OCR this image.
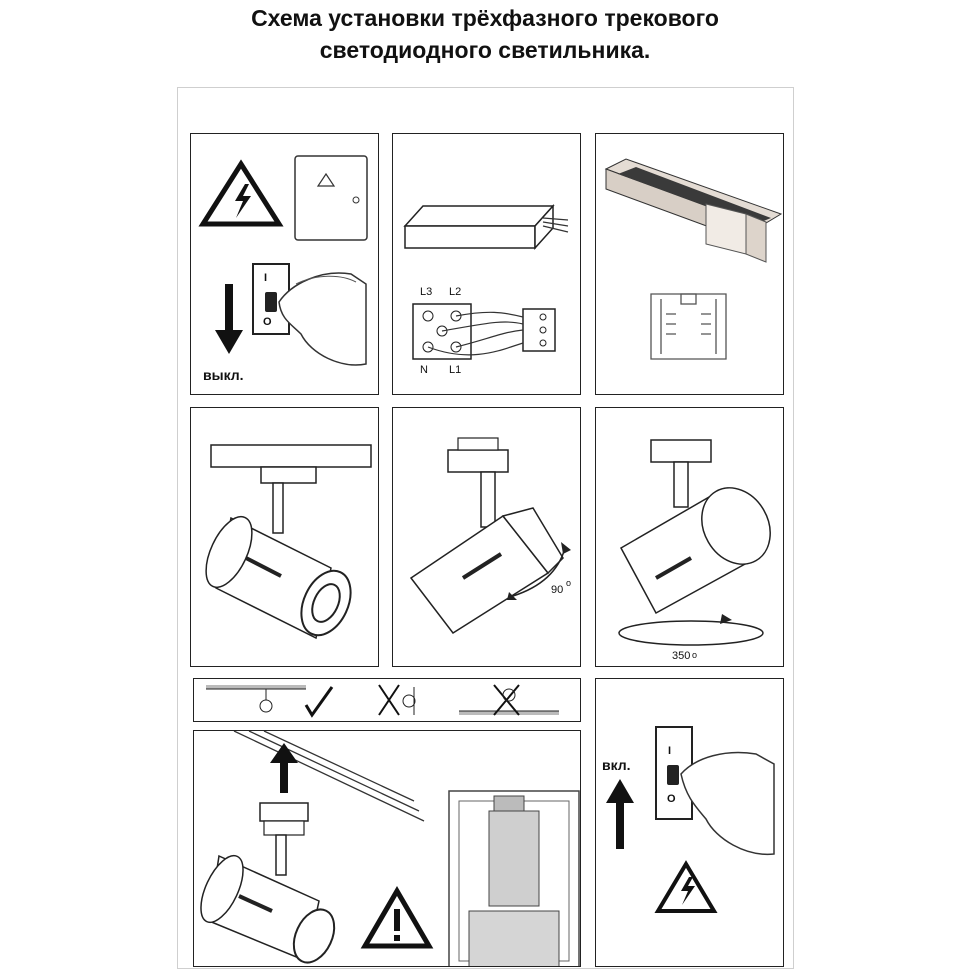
Схема установки трёхфазного трекового
светодиодного светильника.
I
O
выкл.
L3 L2
N L1
90
o
350 o
вкл.
I
O
